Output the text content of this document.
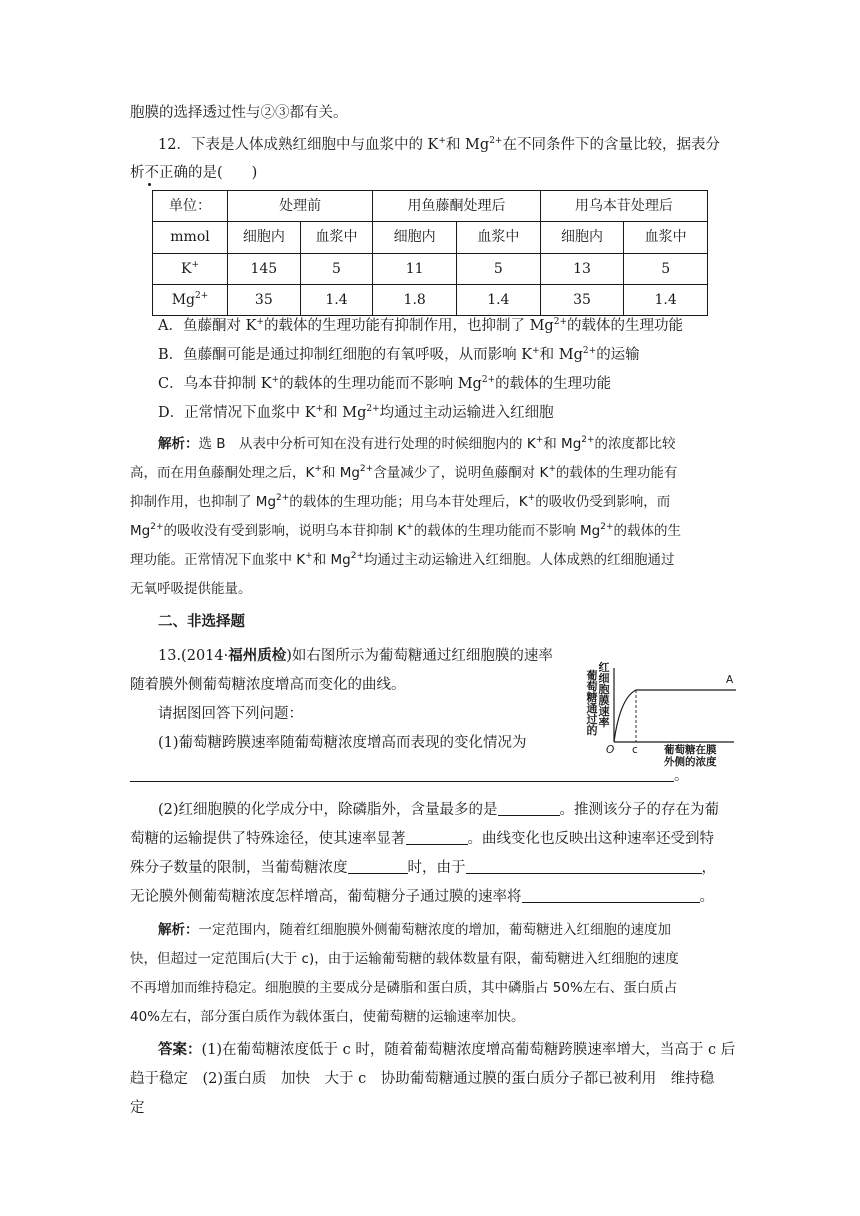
胞膜的选择透过性与②③都有关。
12．下表是人体成熟红细胞中与血浆中的 K+和 $Mg^{2+}$在不同条件下的含量比较，据表分
析不正确的是(　　)
单位：	处理前		用鱼藤酮处理后		用乌本苷处理后	
mmol	细胞内	血浆中	细胞内	血浆中	细胞内	血浆中
K+	145	5	11	5	13	5
$Mg^{2+}$	35	1.4	1.8	1.4	35	1.4
A．鱼藤酮对 K+的载体的生理功能有抑制作用，也抑制了 $Mg^{2+}$的载体的生理功能
B．鱼藤酮可能是通过抑制红细胞的有氧呼吸，从而影响 K+和 $Mg^{2+}$的运输
C．乌本苷抑制 K+的载体的生理功能而不影响 $Mg^{2+}$的载体的生理功能
D．正常情况下血浆中 K+和 $Mg^{2+}$均通过主动运输进入红细胞
解析：选 B　从表中分析可知在没有进行处理的时候细胞内的 K+和 $Mg^{2+}$的浓度都比较
高，而在用鱼藤酮处理之后，K+和 $Mg^{2+}$含量减少了，说明鱼藤酮对 K+的载体的生理功能有
抑制作用，也抑制了 $Mg^{2+}$的载体的生理功能；用乌本苷处理后，K+的吸收仍受到影响，而
$Mg^{2+}$的吸收没有受到影响，说明乌本苷抑制 K+的载体的生理功能而不影响 $Mg^{2+}$的载体的生
理功能。正常情况下血浆中 K+和 $Mg^{2+}$均通过主动运输进入红细胞。人体成熟的红细胞通过
无氧呼吸提供能量。
二、非选择题
13.(2014·福州质检)如右图所示为葡萄糖通过红细胞膜的速率
随着膜外侧葡萄糖浓度增高而变化的曲线。
请据图回答下列问题：
(1)葡萄糖跨膜速率随葡萄糖浓度增高而表现的变化情况为
。
(2)红细胞膜的化学成分中，除磷脂外，含量最多的是	。推测该分子的存在为葡
萄糖的运输提供了特殊途径，使其速率显著	。曲线变化也反映出这种速率还受到特
殊分子数量的限制，当葡萄糖浓度	时，由于	，
无论膜外侧葡萄糖浓度怎样增高，葡萄糖分子通过膜的速率将	。
解析：一定范围内，随着红细胞膜外侧葡萄糖浓度的增加，葡萄糖进入红细胞的速度加
快，但超过一定范围后(大于 c)，由于运输葡萄糖的载体数量有限，葡萄糖进入红细胞的速度
不再增加而维持稳定。细胞膜的主要成分是磷脂和蛋白质，其中磷脂占 50%左右、蛋白质占
40%左右，部分蛋白质作为载体蛋白，使葡萄糖的运输速率加快。
答案：(1)在葡萄糖浓度低于 c 时，随着葡萄糖浓度增高葡萄糖跨膜速率增大，当高于 c 后
趋于稳定　(2)蛋白质　加快　大于 c　协助葡萄糖通过膜的蛋白质分子都已被利用　维持稳
定
红
细
胞
膜
速
率
葡
萄
糖
通
过
的
A
O c 葡萄糖在膜
外侧的浓度
